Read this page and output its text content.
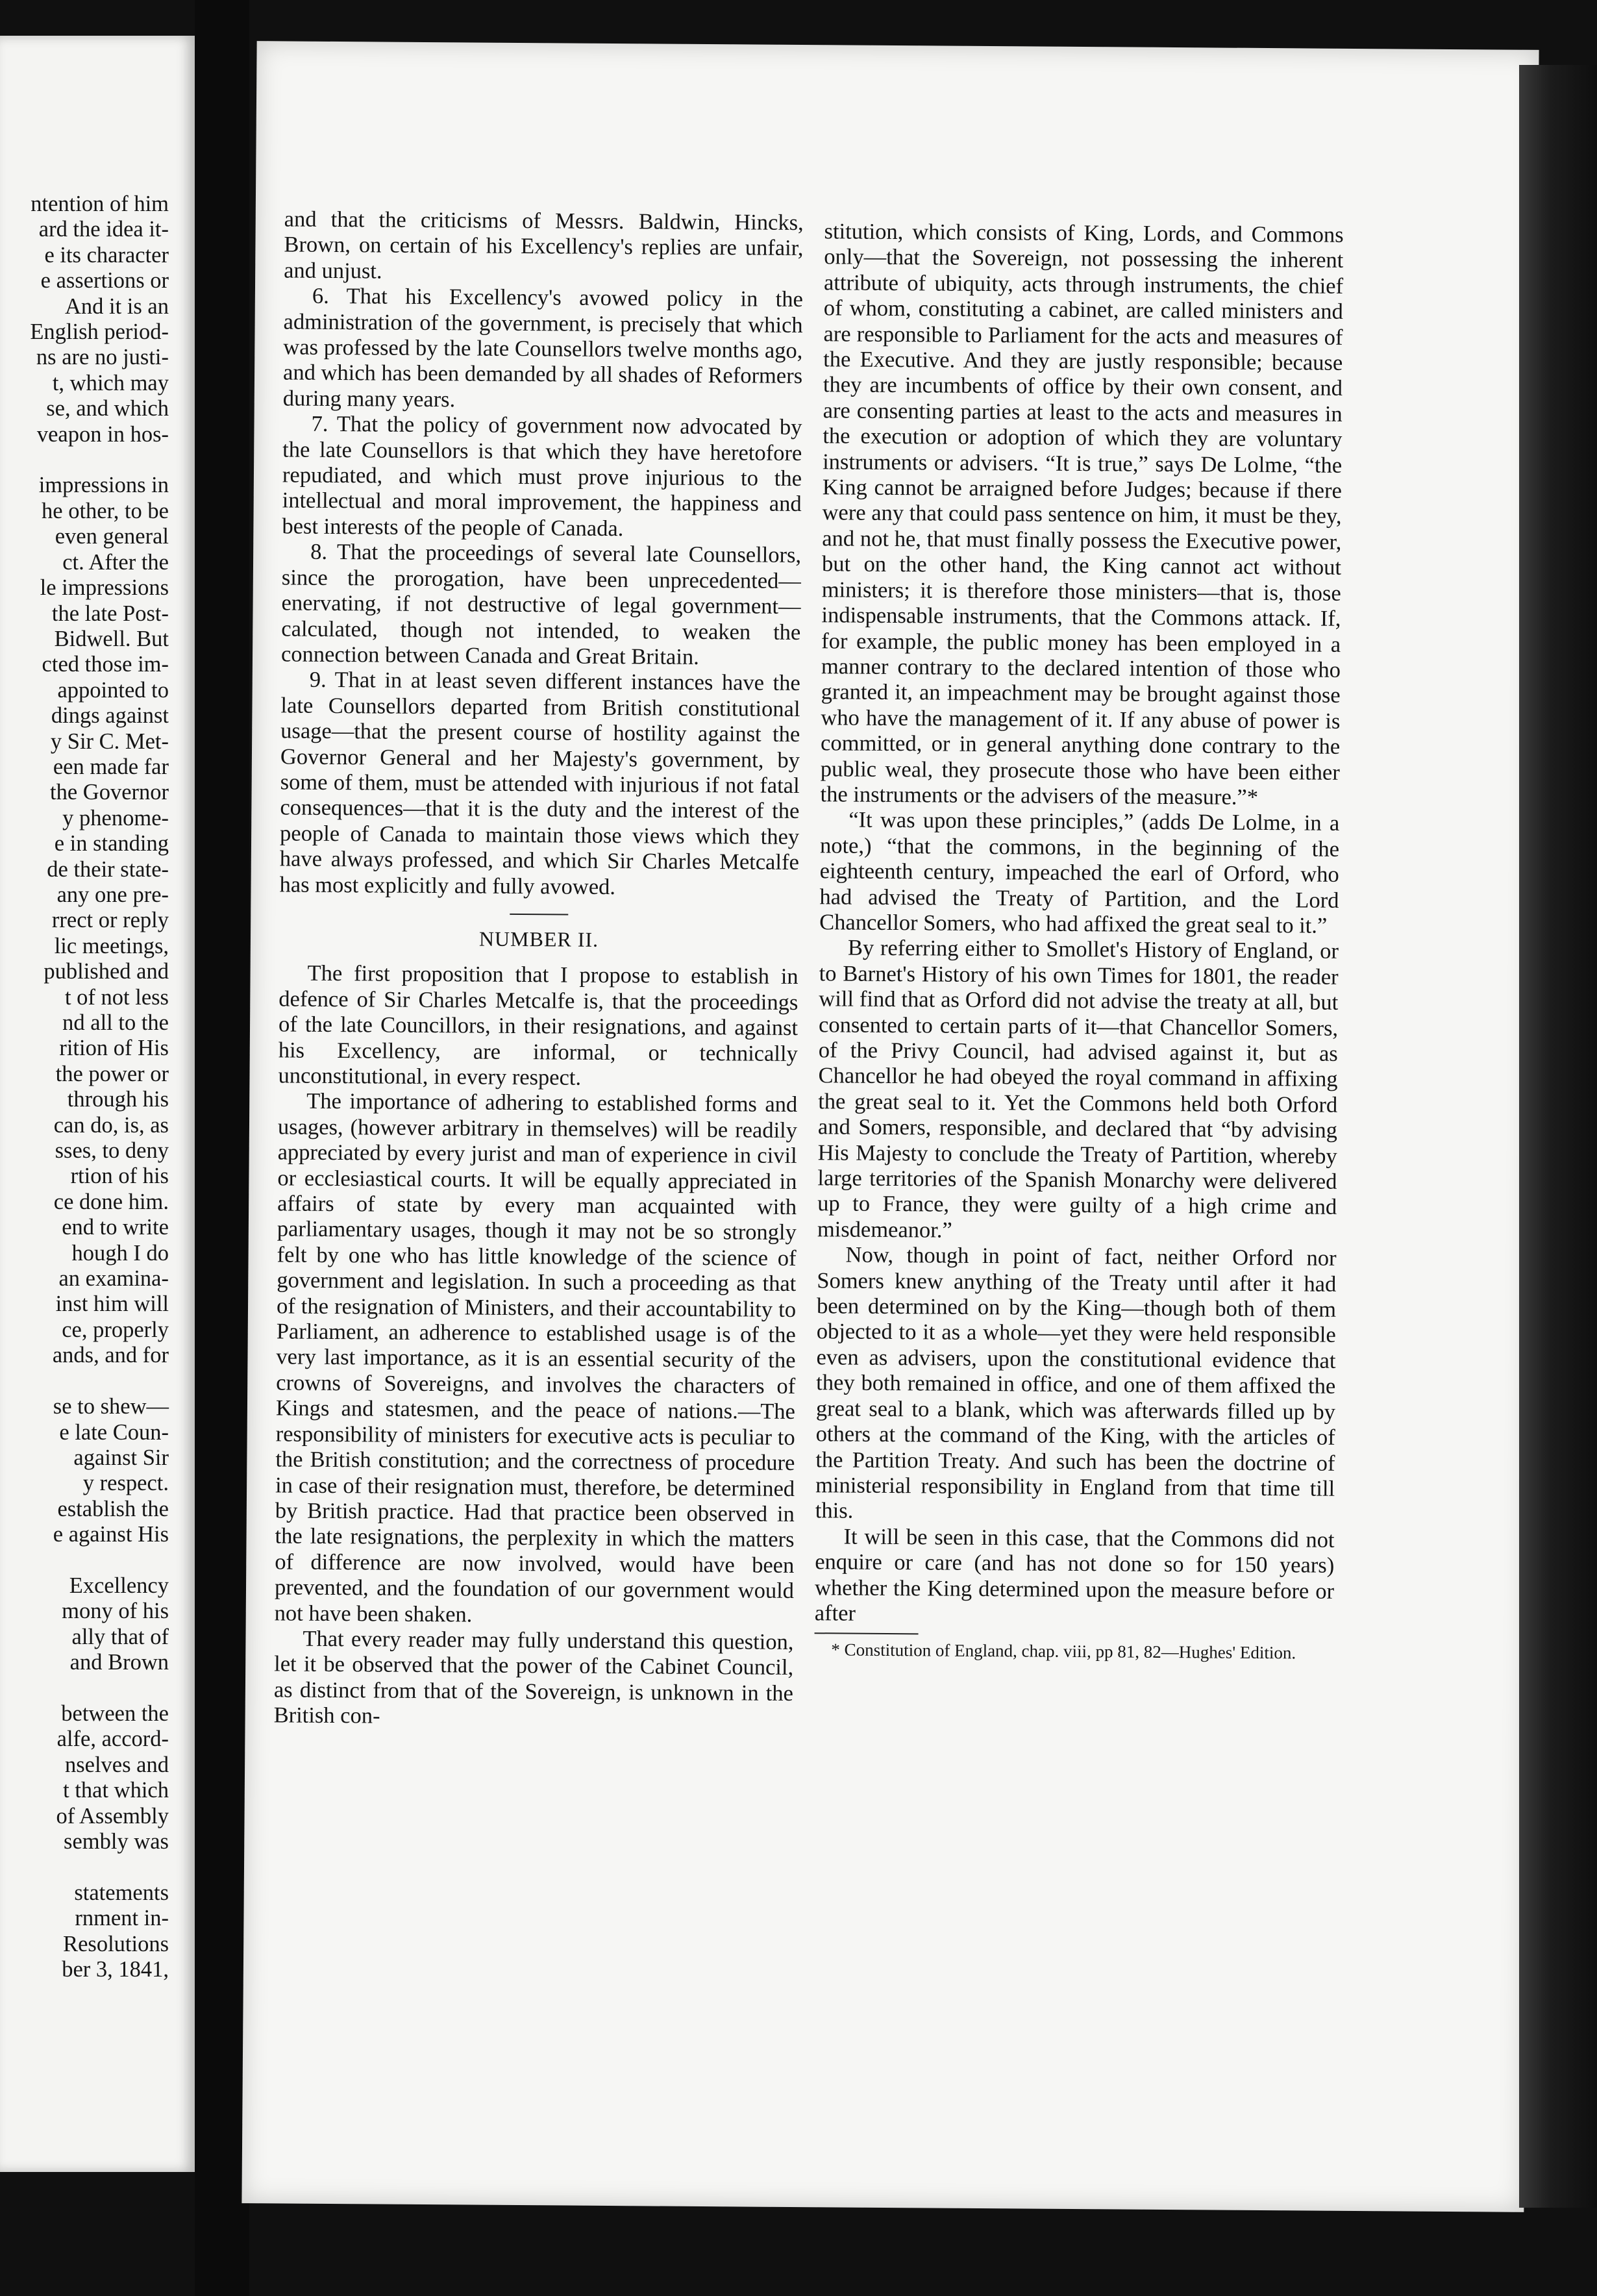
ntention of him

ard the idea it-

e its character

e assertions or

And it is an

English period-

ns are no justi-

t, which may

se, and which

veapon in hos-

impressions in

he other, to be

even general

ct. After the

le impressions

the late Post-

Bidwell. But

cted those im-

appointed to

dings against

y Sir C. Met-

een made far

the Governor

y phenome-

e in standing

de their state-

any one pre-

rrect or reply

lic meetings,

published and

t of not less

nd all to the

rition of His

the power or

through his

can do, is, as

sses, to deny

rtion of his

ce done him.

end to write

hough I do

an examina-

inst him will

ce, properly

ands, and for

se to shew—

e late Coun-

against Sir

y respect.

establish the

e against His

Excellency

mony of his

ally that of

and Brown

between the

alfe, accord-

nselves and

t that which

of Assembly

sembly was

statements

rnment in-

Resolutions

ber 3, 1841,

and that the criticisms of Messrs. Baldwin, Hincks, Brown, on certain of his Excellency's replies are unfair, and unjust.

6. That his Excellency's avowed policy in the administration of the government, is precisely that which was professed by the late Counsellors twelve months ago, and which has been demanded by all shades of Reformers during many years.

7. That the policy of government now advocated by the late Counsellors is that which they have heretofore repudiated, and which must prove injurious to the intellectual and moral improvement, the happiness and best interests of the people of Canada.

8. That the proceedings of several late Counsellors, since the prorogation, have been unprecedented—enervating, if not destructive of legal government—calculated, though not intended, to weaken the connection between Canada and Great Britain.

9. That in at least seven different instances have the late Counsellors departed from British constitutional usage—that the present course of hostility against the Governor General and her Majesty's government, by some of them, must be attended with injurious if not fatal consequences—that it is the duty and the interest of the people of Canada to maintain those views which they have always professed, and which Sir Charles Metcalfe has most explicitly and fully avowed.

NUMBER II.

The first proposition that I propose to establish in defence of Sir Charles Metcalfe is, that the proceedings of the late Councillors, in their resignations, and against his Excellency, are informal, or technically unconstitutional, in every respect.

The importance of adhering to established forms and usages, (however arbitrary in themselves) will be readily appreciated by every jurist and man of experience in civil or ecclesiastical courts. It will be equally appreciated in affairs of state by every man acquainted with parliamentary usages, though it may not be so strongly felt by one who has little knowledge of the science of government and legislation. In such a proceeding as that of the resignation of Ministers, and their accountability to Parliament, an adherence to established usage is of the very last importance, as it is an essential security of the crowns of Sovereigns, and involves the characters of Kings and statesmen, and the peace of nations.—The responsibility of ministers for executive acts is peculiar to the British constitution; and the correctness of procedure in case of their resignation must, therefore, be determined by British practice. Had that practice been observed in the late resignations, the perplexity in which the matters of difference are now involved, would have been prevented, and the foundation of our government would not have been shaken.

That every reader may fully understand this question, let it be observed that the power of the Cabinet Council, as distinct from that of the Sovereign, is unknown in the British con-

stitution, which consists of King, Lords, and Commons only—that the Sovereign, not possessing the inherent attribute of ubiquity, acts through instruments, the chief of whom, constituting a cabinet, are called ministers and are responsible to Parliament for the acts and measures of the Executive. And they are justly responsible; because they are incumbents of office by their own consent, and are consenting parties at least to the acts and measures in the execution or adoption of which they are voluntary instruments or advisers. “It is true,” says De Lolme, “the King cannot be arraigned before Judges; because if there were any that could pass sentence on him, it must be they, and not he, that must finally possess the Executive power, but on the other hand, the King cannot act without ministers; it is therefore those ministers—that is, those indispensable instruments, that the Commons attack. If, for example, the public money has been employed in a manner contrary to the declared intention of those who granted it, an impeachment may be brought against those who have the management of it. If any abuse of power is committed, or in general anything done contrary to the public weal, they prosecute those who have been either the instruments or the advisers of the measure.”*

“It was upon these principles,” (adds De Lolme, in a note,) “that the commons, in the beginning of the eighteenth century, impeached the earl of Orford, who had advised the Treaty of Partition, and the Lord Chancellor Somers, who had affixed the great seal to it.”

By referring either to Smollet's History of England, or to Barnet's History of his own Times for 1801, the reader will find that as Orford did not advise the treaty at all, but consented to certain parts of it—that Chancellor Somers, of the Privy Council, had advised against it, but as Chancellor he had obeyed the royal command in affixing the great seal to it. Yet the Commons held both Orford and Somers, responsible, and declared that “by advising His Majesty to conclude the Treaty of Partition, whereby large territories of the Spanish Monarchy were delivered up to France, they were guilty of a high crime and misdemeanor.”

Now, though in point of fact, neither Orford nor Somers knew anything of the Treaty until after it had been determined on by the King—though both of them objected to it as a whole—yet they were held responsible even as advisers, upon the constitutional evidence that they both remained in office, and one of them affixed the great seal to a blank, which was afterwards filled up by others at the command of the King, with the articles of the Partition Treaty. And such has been the doctrine of ministerial responsibility in England from that time till this.

It will be seen in this case, that the Commons did not enquire or care (and has not done so for 150 years) whether the King determined upon the measure before or after

* Constitution of England, chap. viii, pp 81, 82—Hughes' Edition.
